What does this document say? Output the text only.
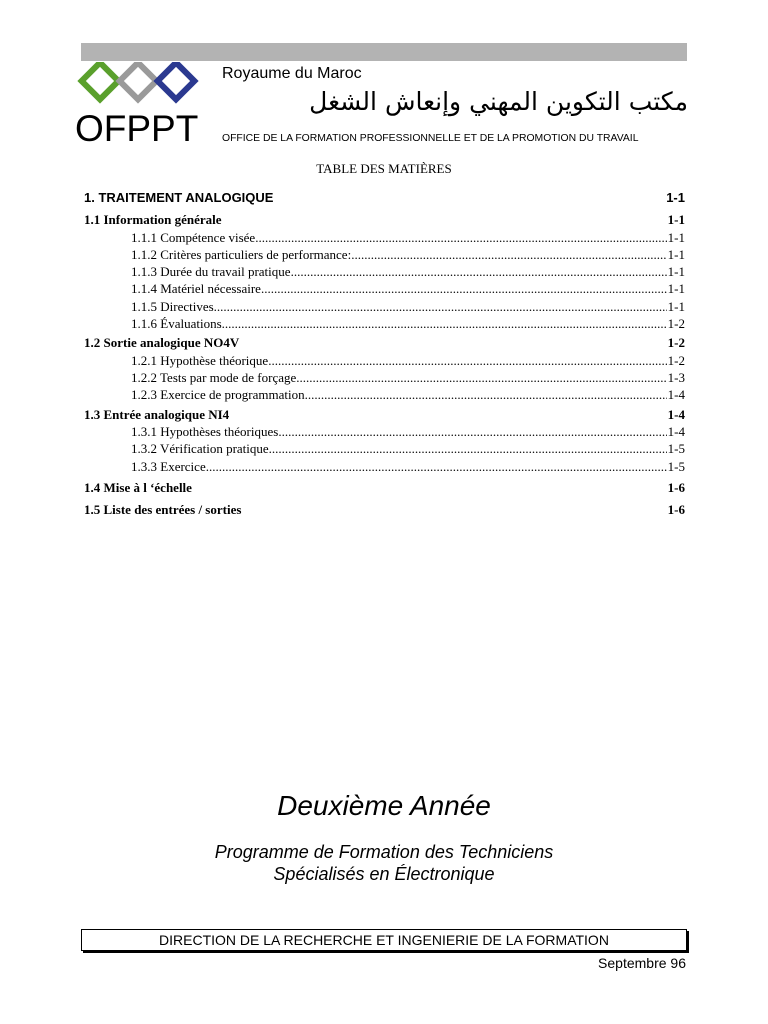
OFPPT
Royaume du Maroc
مكتب التكوين المهني وإنعاش الشغل
OFFICE DE LA FORMATION PROFESSIONNELLE ET DE LA PROMOTION DU TRAVAIL
TABLE DES MATIÈRES
1. TRAITEMENT ANALOGIQUE	1-1
1.1 Information générale	1-1
1.1.1 Compétence visée .....	1-1
1.1.2 Critères particuliers de performance: .....	1-1
1.1.3 Durée du travail pratique .....	1-1
1.1.4 Matériel nécessaire .....	1-1
1.1.5 Directives .....	1-1
1.1.6 Évaluations .....	1-2
1.2 Sortie analogique NO4V	1-2
1.2.1 Hypothèse théorique .....	1-2
1.2.2 Tests par mode de forçage .....	1-3
1.2.3 Exercice de programmation .....	1-4
1.3 Entrée analogique NI4	1-4
1.3.1 Hypothèses théoriques .....	1-4
1.3.2 Vérification pratique .....	1-5
1.3.3 Exercice .....	1-5
1.4 Mise à l ‘échelle	1-6
1.5 Liste des entrées / sorties	1-6
Deuxième Année
Programme de Formation des Techniciens
Spécialisés en Électronique
DIRECTION DE LA RECHERCHE ET INGENIERIE DE LA FORMATION
Septembre 96
